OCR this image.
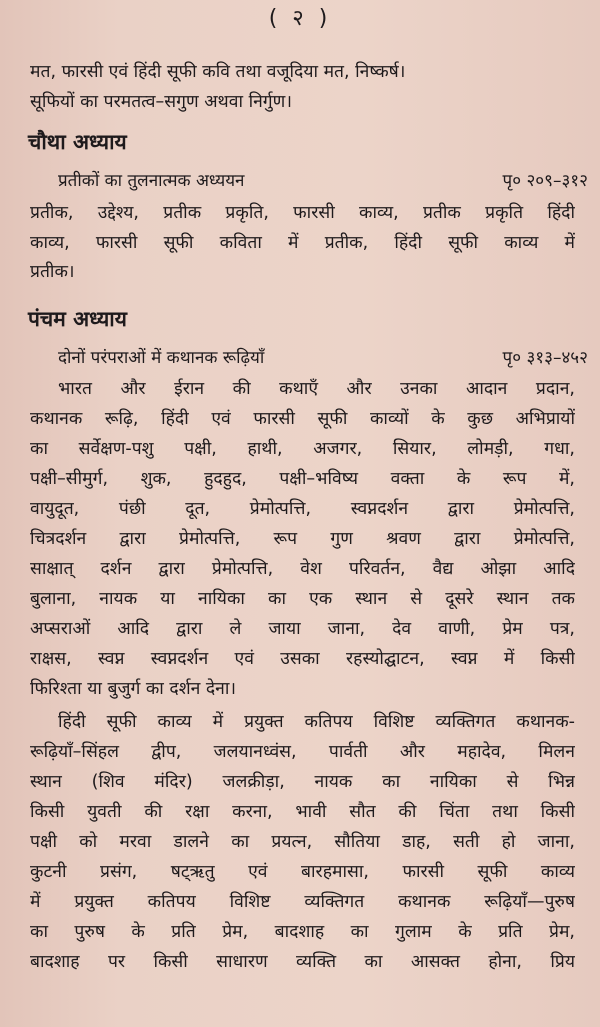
( २ )
मत, फारसी एवं हिंदी सूफी कवि तथा वजूदिया मत, निष्कर्ष।
सूफियों का परमतत्व–सगुण अथवा निर्गुण।
चौथा अध्याय
प्रतीकों का तुलनात्मक अध्ययन	पृ० २०९–३१२
प्रतीक, उद्देश्य, प्रतीक प्रकृति, फारसी काव्य, प्रतीक प्रकृति हिंदी
काव्य, फारसी सूफी कविता में प्रतीक, हिंदी सूफी काव्य में
प्रतीक।
पंचम अध्याय
दोनों परंपराओं में कथानक रूढ़ियाँ	पृ० ३१३–४५२
भारत और ईरान की कथाएँ और उनका आदान प्रदान,
कथानक रूढ़ि, हिंदी एवं फारसी सूफी काव्यों के कुछ अभिप्रायों
का सर्वेक्षण-पशु पक्षी, हाथी, अजगर, सियार, लोमड़ी, गधा,
पक्षी–सीमुर्ग, शुक, हुदहुद, पक्षी–भविष्य वक्ता के रूप में,
वायुदूत, पंछी दूत, प्रेमोत्पत्ति, स्वप्नदर्शन द्वारा प्रेमोत्पत्ति,
चित्रदर्शन द्वारा प्रेमोत्पत्ति, रूप गुण श्रवण द्वारा प्रेमोत्पत्ति,
साक्षात् दर्शन द्वारा प्रेमोत्पत्ति, वेश परिवर्तन, वैद्य ओझा आदि
बुलाना, नायक या नायिका का एक स्थान से दूसरे स्थान तक
अप्सराओं आदि द्वारा ले जाया जाना, देव वाणी, प्रेम पत्र,
राक्षस, स्वप्न स्वप्नदर्शन एवं उसका रहस्योद्घाटन, स्वप्न में किसी
फिरिश्ता या बुजुर्ग का दर्शन देना।
हिंदी सूफी काव्य में प्रयुक्त कतिपय विशिष्ट व्यक्तिगत कथानक-
रूढ़ियाँ–सिंहल द्वीप, जलयानध्वंस, पार्वती और महादेव, मिलन
स्थान (शिव मंदिर) जलक्रीड़ा, नायक का नायिका से भिन्न
किसी युवती की रक्षा करना, भावी सौत की चिंता तथा किसी
पक्षी को मरवा डालने का प्रयत्न, सौतिया डाह, सती हो जाना,
कुटनी प्रसंग, षट्ऋतु एवं बारहमासा, फारसी सूफी काव्य
में प्रयुक्त कतिपय विशिष्ट व्यक्तिगत कथानक रूढ़ियाँ—पुरुष
का पुरुष के प्रति प्रेम, बादशाह का गुलाम के प्रति प्रेम,
बादशाह पर किसी साधारण व्यक्ति का आसक्त होना, प्रिय
